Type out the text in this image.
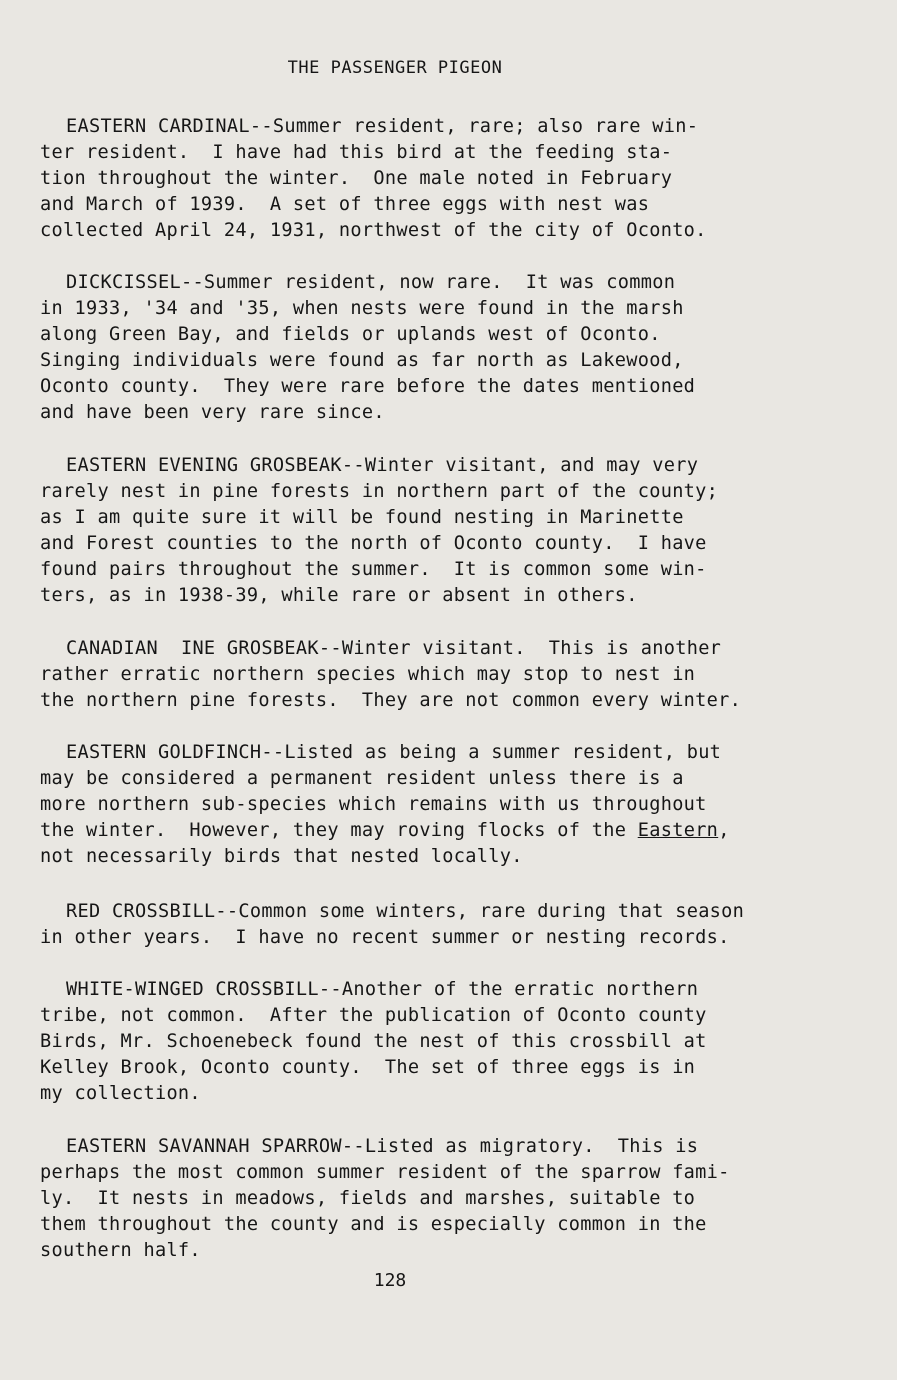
THE PASSENGER PIGEON
EASTERN CARDINAL--Summer resident, rare; also rare win-
ter resident.  I have had this bird at the feeding sta-
tion throughout the winter.  One male noted in February
and March of 1939.  A set of three eggs with nest was
collected April 24, 1931, northwest of the city of Oconto.
DICKCISSEL--Summer resident, now rare.  It was common
in 1933, '34 and '35, when nests were found in the marsh
along Green Bay, and fields or uplands west of Oconto.
Singing individuals were found as far north as Lakewood,
Oconto county.  They were rare before the dates mentioned
and have been very rare since.
EASTERN EVENING GROSBEAK--Winter visitant, and may very
rarely nest in pine forests in northern part of the county;
as I am quite sure it will be found nesting in Marinette
and Forest counties to the north of Oconto county.  I have
found pairs throughout the summer.  It is common some win-
ters, as in 1938-39, while rare or absent in others.
CANADIAN  INE GROSBEAK--Winter visitant.  This is another
rather erratic northern species which may stop to nest in
the northern pine forests.  They are not common every winter.
EASTERN GOLDFINCH--Listed as being a summer resident, but
may be considered a permanent resident unless there is a
more northern sub-species which remains with us throughout
the winter.  However, they may roving flocks of the Eastern,
not necessarily birds that nested locally.
RED CROSSBILL--Common some winters, rare during that season
in other years.  I have no recent summer or nesting records.
WHITE-WINGED CROSSBILL--Another of the erratic northern
tribe, not common.  After the publication of Oconto county
Birds, Mr. Schoenebeck found the nest of this crossbill at
Kelley Brook, Oconto county.  The set of three eggs is in
my collection.
EASTERN SAVANNAH SPARROW--Listed as migratory.  This is
perhaps the most common summer resident of the sparrow fami-
ly.  It nests in meadows, fields and marshes, suitable to
them throughout the county and is especially common in the
southern half.
128
